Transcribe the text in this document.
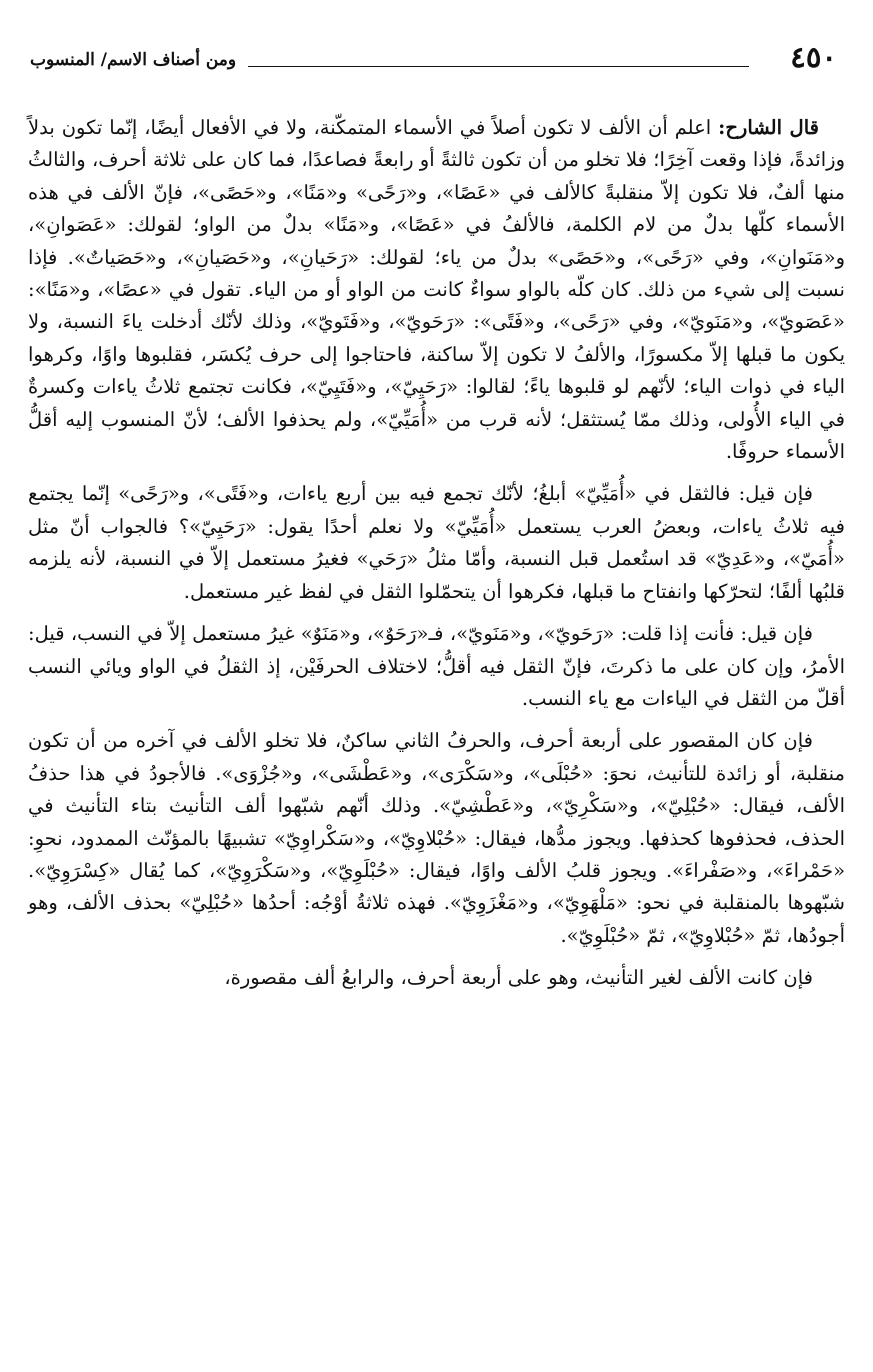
٤٥٠
ومن أصناف الاسم/ المنسوب

قال الشارح: اعلم أن الألف لا تكون أصلاً في الأسماء المتمكّنة، ولا في الأفعال أيضًا، إنّما تكون بدلاً وزائدةً، فإذا وقعت آخِرًا؛ فلا تخلو من أن تكون ثالثةً أو رابعةً فصاعدًا، فما كان على ثلاثة أحرف، والثالثُ منها ألفٌ، فلا تكون إلاّ منقلبةً كالألف في «عَصًا»، و«رَحًى» و«مَنًا»، و«حَصًى»، فإنّ الألف في هذه الأسماء كلّها بدلٌ من لام الكلمة، فالألفُ في «عَصًا»، و«مَنًا» بدلٌ من الواو؛ لقولك: «عَصَوانِ»، و«مَنَوانِ»، وفي «رَحًى»، و«حَصًى» بدلٌ من ياء؛ لقولك: «رَحَيانِ»، و«حَصَيانِ»، و«حَصَياتٌ». فإذا نسبت إلى شيء من ذلك. كان كلّه بالواو سواءٌ كانت من الواو أو من الياء. تقول في «عصًا»، و«مَنًا»: «عَصَويّ»، و«مَنَويّ»، وفي «رَحًى»، و«فَتًى»: «رَحَويّ»، و«فَتَويّ»، وذلك لأنّك أدخلت ياءَ النسبة، ولا يكون ما قبلها إلاّ مكسورًا، والألفُ لا تكون إلاّ ساكنة، فاحتاجوا إلى حرف يُكسَر، فقلبوها واوًا، وكرهوا الياء في ذوات الياء؛ لأنّهم لو قلبوها ياءً؛ لقالوا: «رَحَيِيّ»، و«فَتَيِيّ»، فكانت تجتمع ثلاثُ ياءات وكسرةٌ في الياء الأُولى، وذلك ممّا يُستثقل؛ لأنه قرب من «أُمَيِّيّ»، ولم يحذفوا الألف؛ لأنّ المنسوب إليه أقلُّ الأسماء حروفًا.

فإن قيل: فالثقل في «أُمَيِّيّ» أبلغُ؛ لأنّك تجمع فيه بين أربع ياءات، و«فَتًى»، و«رَحًى» إنّما يجتمع فيه ثلاثُ ياءات، وبعضُ العرب يستعمل «أُمَيِّيّ» ولا نعلم أحدًا يقول: «رَحَيِيّ»؟ فالجواب أنّ مثل «أُمَيّ»، و«عَدِيّ» قد استُعمل قبل النسبة، وأمّا مثلُ «رَحَي» فغيرُ مستعمل إلاّ في النسبة، لأنه يلزمه قلبُها ألفًا؛ لتحرّكها وانفتاح ما قبلها، فكرهوا أن يتحمّلوا الثقل في لفظ غير مستعمل.

فإن قيل: فأنت إذا قلت: «رَحَويّ»، و«مَنَويّ»، فـ«رَحَوٌ»، و«مَنَوٌ» غيرُ مستعمل إلاّ في النسب، قيل: الأمرُ، وإن كان على ما ذكرتَ، فإنّ الثقل فيه أقلُّ؛ لاختلاف الحرفَيْن، إذ الثقلُ في الواو ويائي النسب أقلّ من الثقل في الياءات مع ياء النسب.

فإن كان المقصور على أربعة أحرف، والحرفُ الثاني ساكنٌ، فلا تخلو الألف في آخره من أن تكون منقلبة، أو زائدة للتأنيث، نحوَ: «حُبْلَى»، و«سَكْرَى»، و«عَطْشَى»، و«جُزْوَى». فالأجودُ في هذا حذفُ الألف، فيقال: «حُبْلِيّ»، و«سَكْرِيّ»، و«عَطْشِيّ». وذلك أنّهم شبّهوا ألف التأنيث بتاء التأنيث في الحذف، فحذفوها كحذفها. ويجوز مدُّها، فيقال: «حُبْلاوِيّ»، و«سَكْراوِيّ» تشبيهًا بالمؤنّث الممدود، نحوِ: «حَمْراءَ»، و«صَفْراءَ». ويجوز قلبُ الألف واوًا، فيقال: «حُبْلَوِيّ»، و«سَكْرَوِيّ»، كما يُقال «كِسْرَوِيّ». شبّهوها بالمنقلبة في نحو: «مَلْهَوِيّ»، و«مَغْزَوِيّ». فهذه ثلاثةُ أوْجُه: أحدُها «حُبْلِيّ» بحذف الألف، وهو أجودُها، ثمّ «حُبْلاوِيّ»، ثمّ «حُبْلَوِيّ».

فإن كانت الألف لغير التأنيث، وهو على أربعة أحرف، والرابعُ ألف مقصورة،
